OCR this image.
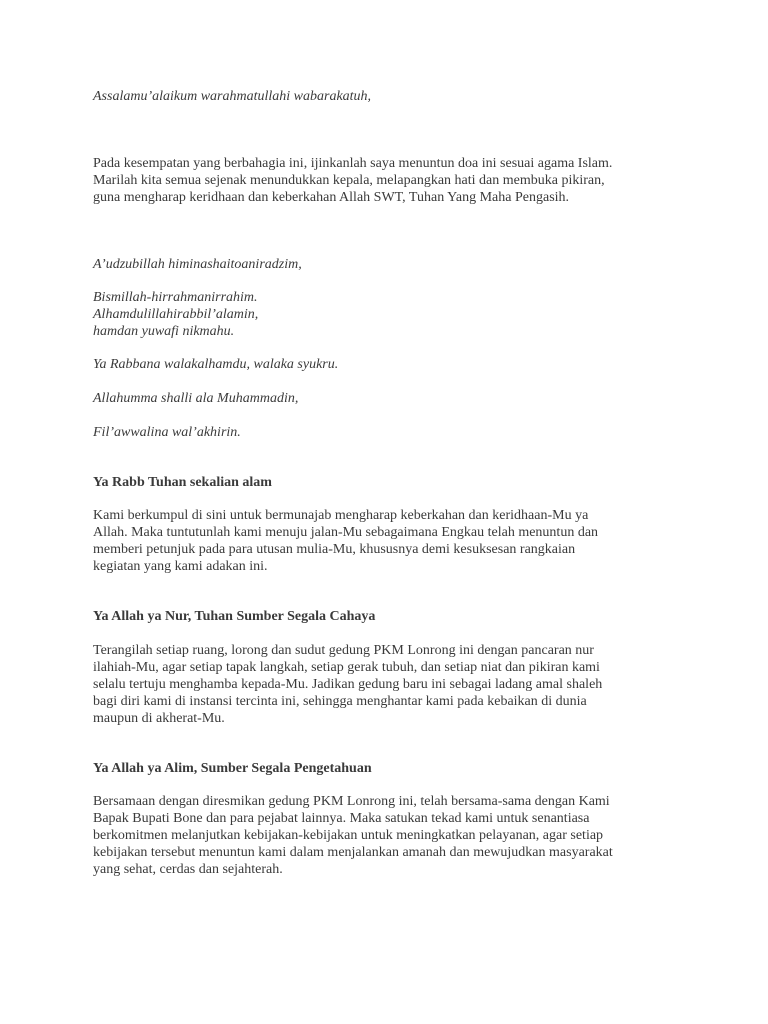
Assalamu’alaikum warahmatullahi wabarakatuh,
Pada kesempatan yang berbahagia ini, ijinkanlah saya menuntun doa ini sesuai agama Islam.
Marilah kita semua sejenak menundukkan kepala, melapangkan hati dan membuka pikiran,
guna mengharap keridhaan dan keberkahan Allah SWT, Tuhan Yang Maha Pengasih.
A’udzubillah himinashaitoaniradzim,
Bismillah-hirrahmanirrahim.
Alhamdulillahirabbil’alamin,
hamdan yuwafi nikmahu.
Ya Rabbana walakalhamdu, walaka syukru.
Allahumma shalli ala Muhammadin,
Fil’awwalina wal’akhirin.
Ya Rabb Tuhan sekalian alam
Kami berkumpul di sini untuk bermunajab mengharap keberkahan dan keridhaan-Mu ya
Allah. Maka tuntutunlah kami menuju jalan-Mu sebagaimana Engkau telah menuntun dan
memberi petunjuk pada para utusan mulia-Mu, khususnya demi kesuksesan rangkaian
kegiatan yang kami adakan ini.
Ya Allah ya Nur, Tuhan Sumber Segala Cahaya
Terangilah setiap ruang, lorong dan sudut gedung PKM Lonrong ini dengan pancaran nur
ilahiah-Mu, agar setiap tapak langkah, setiap gerak tubuh, dan setiap niat dan pikiran kami
selalu tertuju menghamba kepada-Mu. Jadikan gedung baru ini sebagai ladang amal shaleh
bagi diri kami di instansi tercinta ini, sehingga menghantar kami pada kebaikan di dunia
maupun di akherat-Mu.
Ya Allah ya Alim, Sumber Segala Pengetahuan
Bersamaan dengan diresmikan gedung PKM Lonrong ini, telah bersama-sama dengan Kami
Bapak Bupati Bone dan para pejabat lainnya. Maka satukan tekad kami untuk senantiasa
berkomitmen melanjutkan kebijakan-kebijakan untuk meningkatkan pelayanan, agar setiap
kebijakan tersebut menuntun kami dalam menjalankan amanah dan mewujudkan masyarakat
yang sehat, cerdas dan sejahterah.
